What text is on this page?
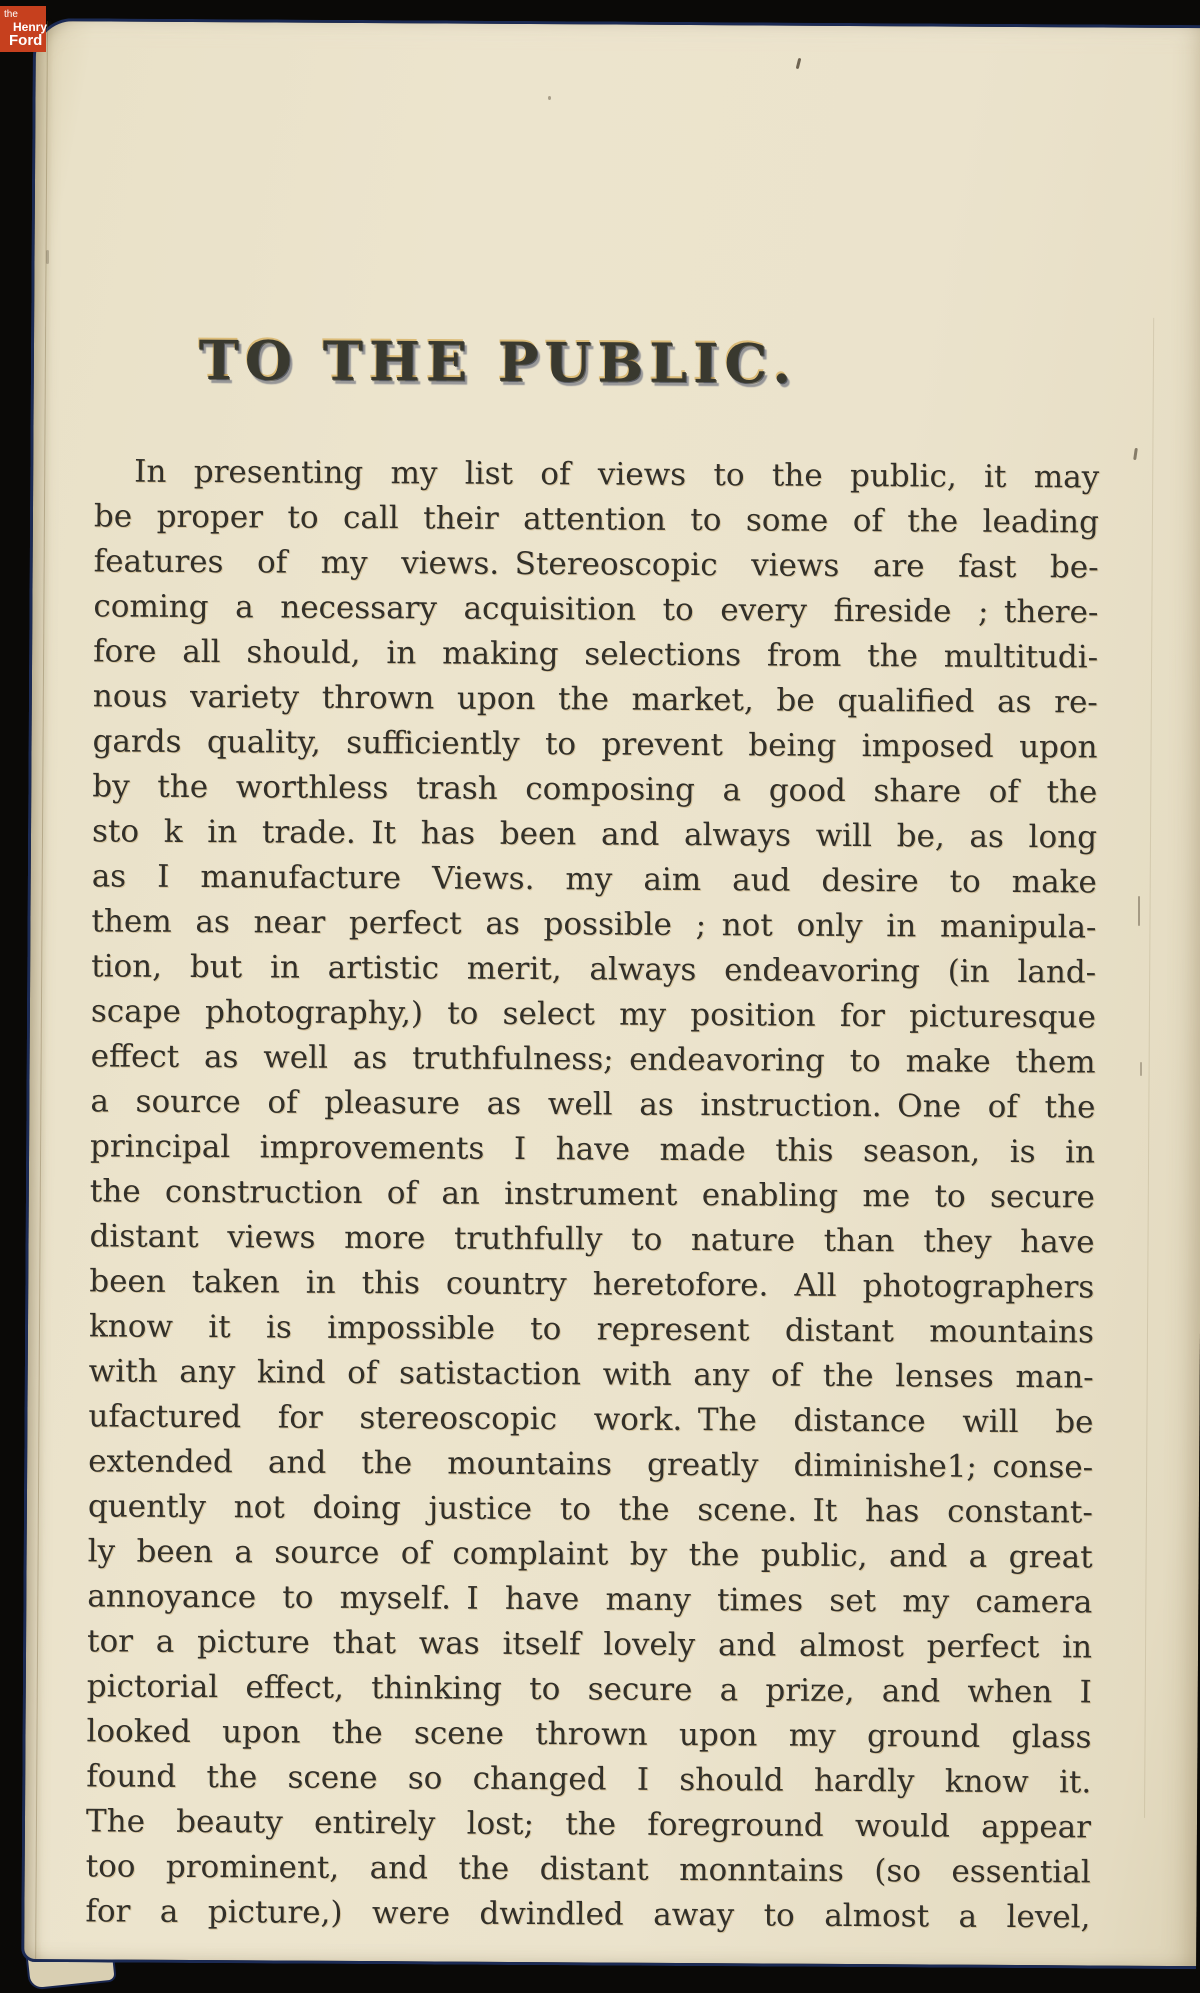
TO THE PUBLIC.
In presenting my list of views to the public, it may
be proper to call their attention to some of the leading
features of my views. Stereoscopic views are fast be-
coming a necessary acquisition to every fireside ; there-
fore all should, in making selections from the multitudi-
nous variety thrown upon the market, be qualified as re-
gards quality, sufficiently to prevent being imposed upon
by the worthless trash composing a good share of the
sto k in trade. It has been and always will be, as long
as I manufacture Views. my aim aud desire to make
them as near perfect as possible ; not only in manipula-
tion, but in artistic merit, always endeavoring (in land-
scape photography,) to select my position for picturesque
effect as well as truthfulness; endeavoring to make them
a source of pleasure as well as instruction. One of the
principal improvements I have made this season, is in
the construction of an instrument enabling me to secure
distant views more truthfully to nature than they have
been taken in this country heretofore. All photographers
know it is impossible to represent distant mountains
with any kind of satistaction with any of the lenses man-
ufactured for stereoscopic work. The distance will be
extended and the mountains greatly diminishe1; conse-
quently not doing justice to the scene. It has constant-
ly been a source of complaint by the public, and a great
annoyance to myself. I have many times set my camera
tor a picture that was itself lovely and almost perfect in
pictorial effect, thinking to secure a prize, and when I
looked upon the scene thrown upon my ground glass
found the scene so changed I should hardly know it.
The beauty entirely lost; the foreground would appear
too prominent, and the distant monntains (so essential
for a picture,) were dwindled away to almost a level,
the
Henry
Ford
